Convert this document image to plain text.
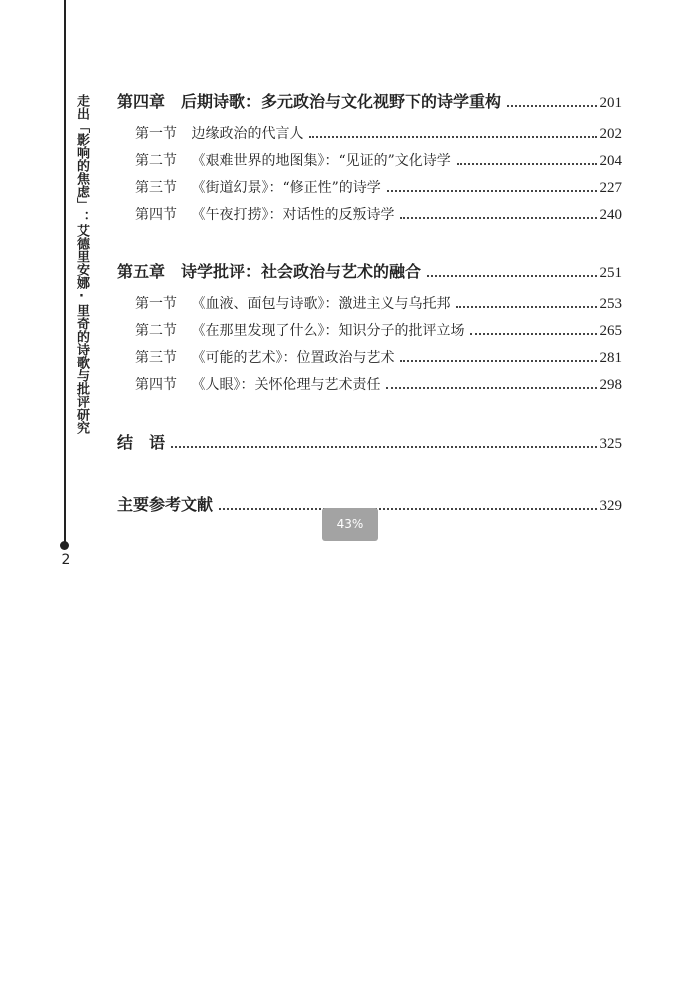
走出「影响的焦虑」：艾德里安娜·里奇的诗歌与批评研究
2
第四章　后期诗歌：多元政治与文化视野下的诗学重构	201
第一节 边缘政治的代言人	202
第二节 《艰难世界的地图集》：“见证的”文化诗学	204
第三节 《街道幻景》：“修正性”的诗学	227
第四节 《午夜打捞》：对话性的反叛诗学	240
第五章　诗学批评：社会政治与艺术的融合	251
第一节 《血液、面包与诗歌》：激进主义与乌托邦	253
第二节 《在那里发现了什么》：知识分子的批评立场	265
第三节 《可能的艺术》：位置政治与艺术	281
第四节 《人眼》：关怀伦理与艺术责任	298
结　语	325
主要参考文献	329
43%
